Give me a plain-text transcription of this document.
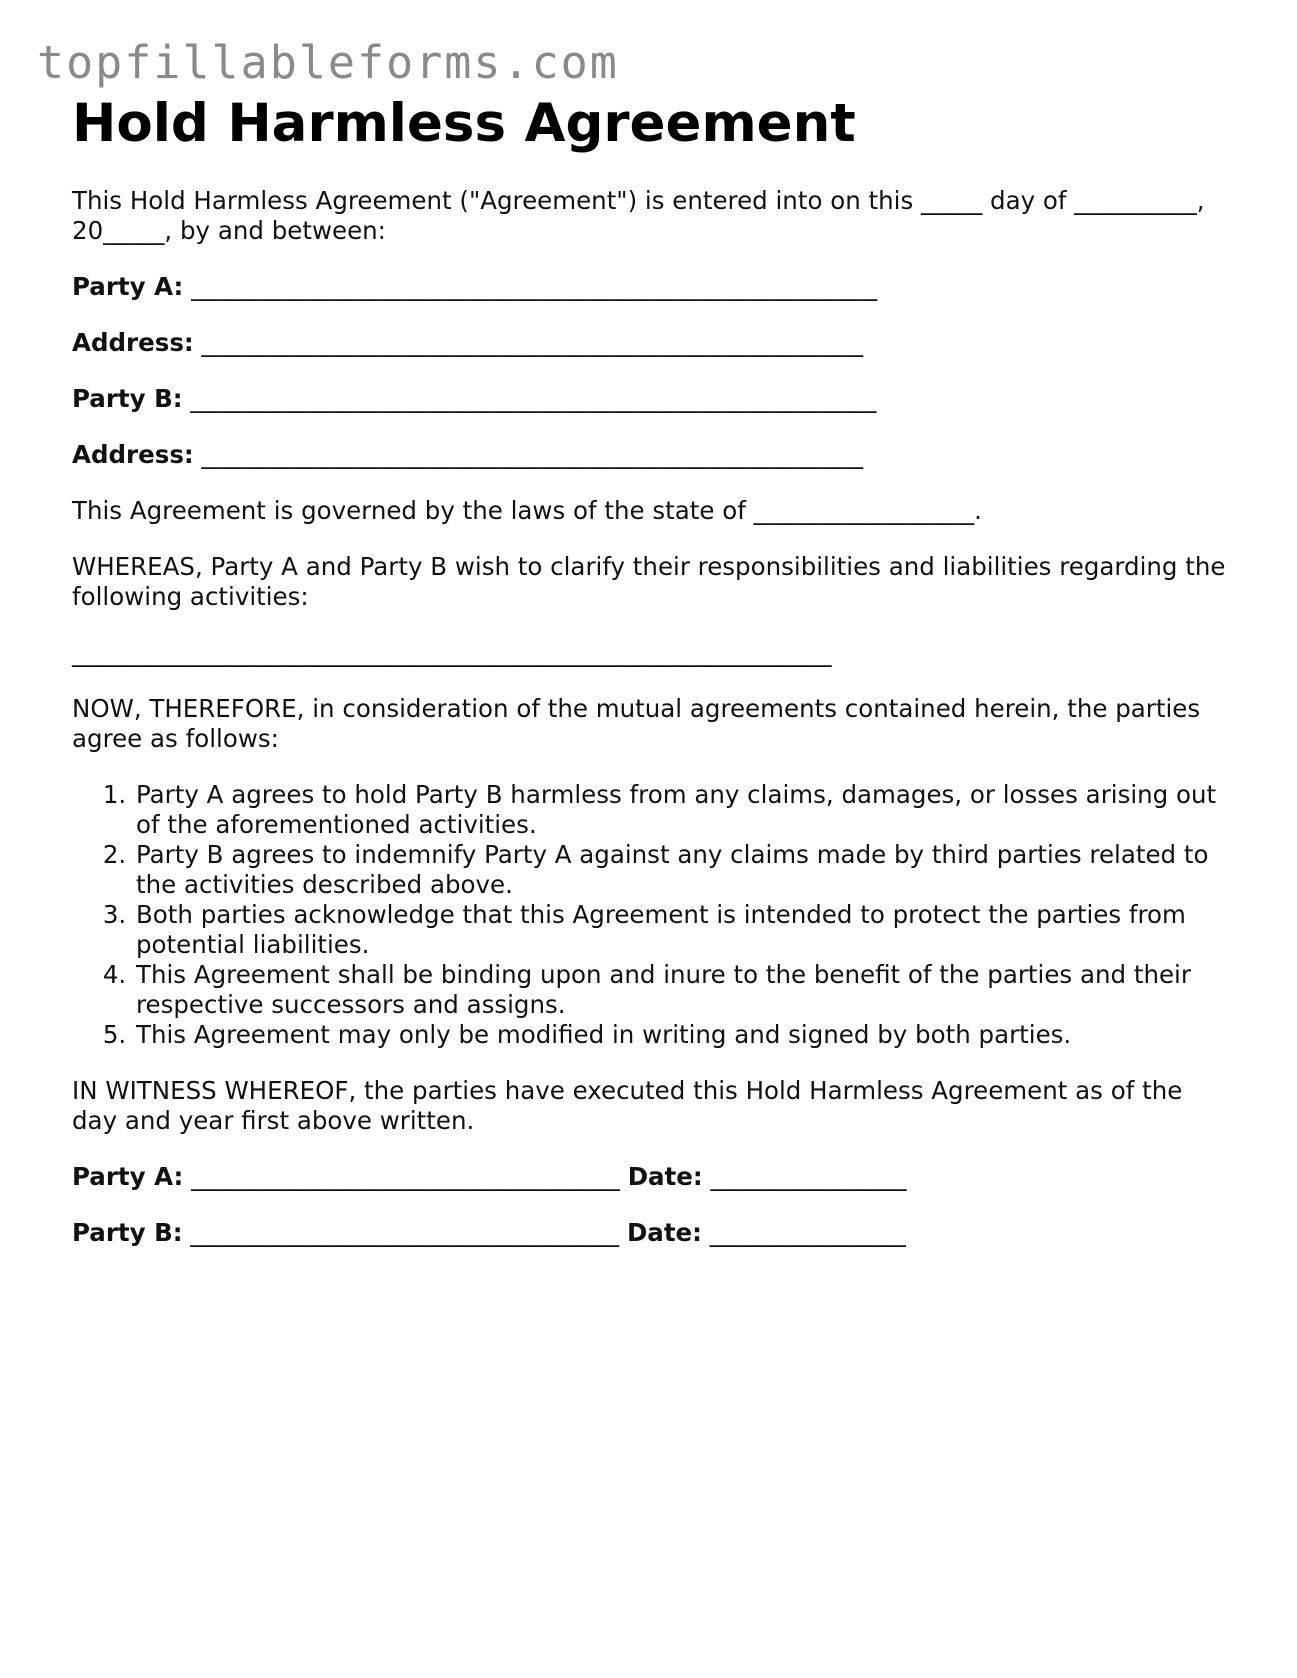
topfillableforms.com
Hold Harmless Agreement

This Hold Harmless Agreement ("Agreement") is entered into on this _____ day of __________, 20_____, by and between:

Party A: ________________________________________________________
Address: ______________________________________________________
Party B: ________________________________________________________
Address: ______________________________________________________

This Agreement is governed by the laws of the state of __________________.

WHEREAS, Party A and Party B wish to clarify their responsibilities and liabilities regarding the following activities:

______________________________________________________________

NOW, THEREFORE, in consideration of the mutual agreements contained herein, the parties agree as follows:

1. Party A agrees to hold Party B harmless from any claims, damages, or losses arising out of the aforementioned activities.
2. Party B agrees to indemnify Party A against any claims made by third parties related to the activities described above.
3. Both parties acknowledge that this Agreement is intended to protect the parties from potential liabilities.
4. This Agreement shall be binding upon and inure to the benefit of the parties and their respective successors and assigns.
5. This Agreement may only be modified in writing and signed by both parties.

IN WITNESS WHEREOF, the parties have executed this Hold Harmless Agreement as of the day and year first above written.

Party A: ___________________________________ Date: ________________
Party B: ___________________________________ Date: ________________
